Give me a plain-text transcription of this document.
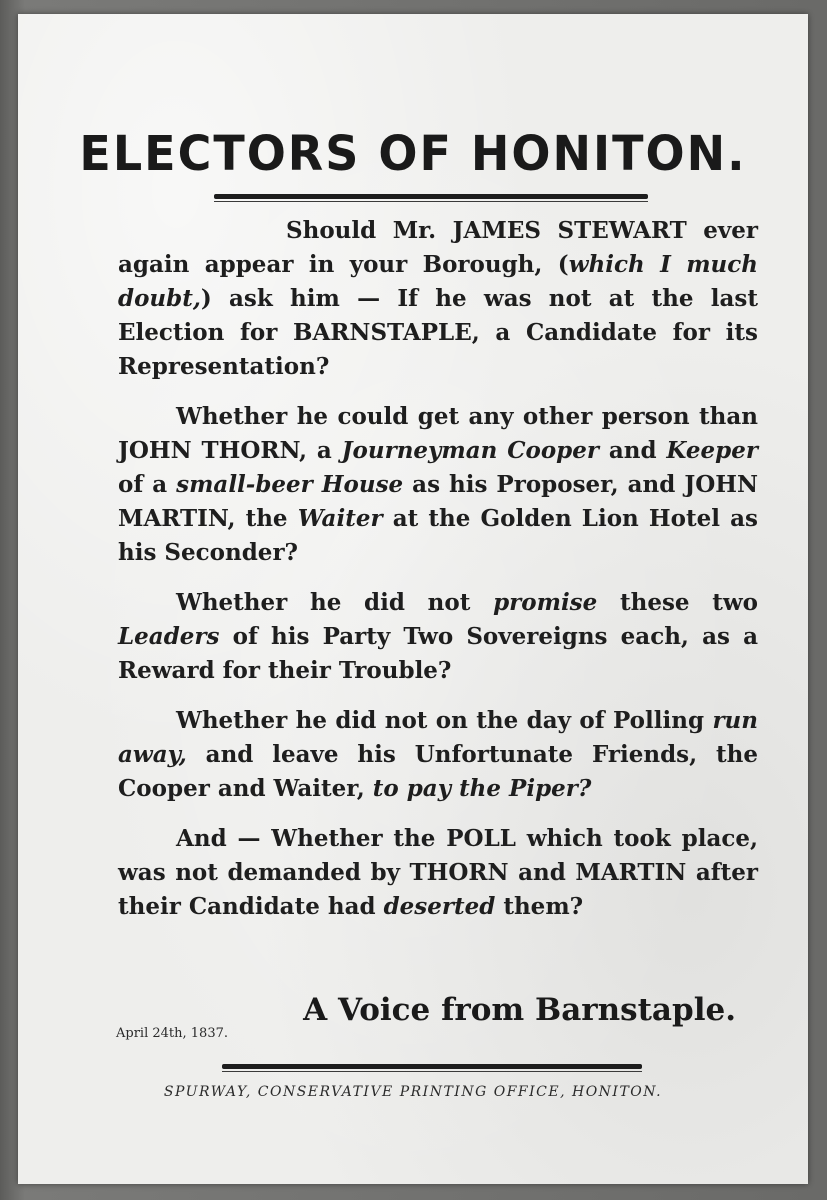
ELECTORS OF HONITON.

Should Mr. JAMES STEWART ever again appear in your Borough, (which I much doubt,) ask him — If he was not at the last Election for BARNSTAPLE, a Candidate for its Representation?

Whether he could get any other person than JOHN THORN, a Journeyman Cooper and Keeper of a small-beer House as his Proposer, and JOHN MARTIN, the Waiter at the Golden Lion Hotel as his Seconder?

Whether he did not promise these two Leaders of his Party Two Sovereigns each, as a Reward for their Trouble?

Whether he did not on the day of Polling run away, and leave his Unfortunate Friends, the Cooper and Waiter, to pay the Piper?

And — Whether the POLL which took place, was not demanded by THORN and MARTIN after their Candidate had deserted them?

A Voice from Barnstaple.
April 24th, 1837.
SPURWAY, CONSERVATIVE PRINTING OFFICE, HONITON.
